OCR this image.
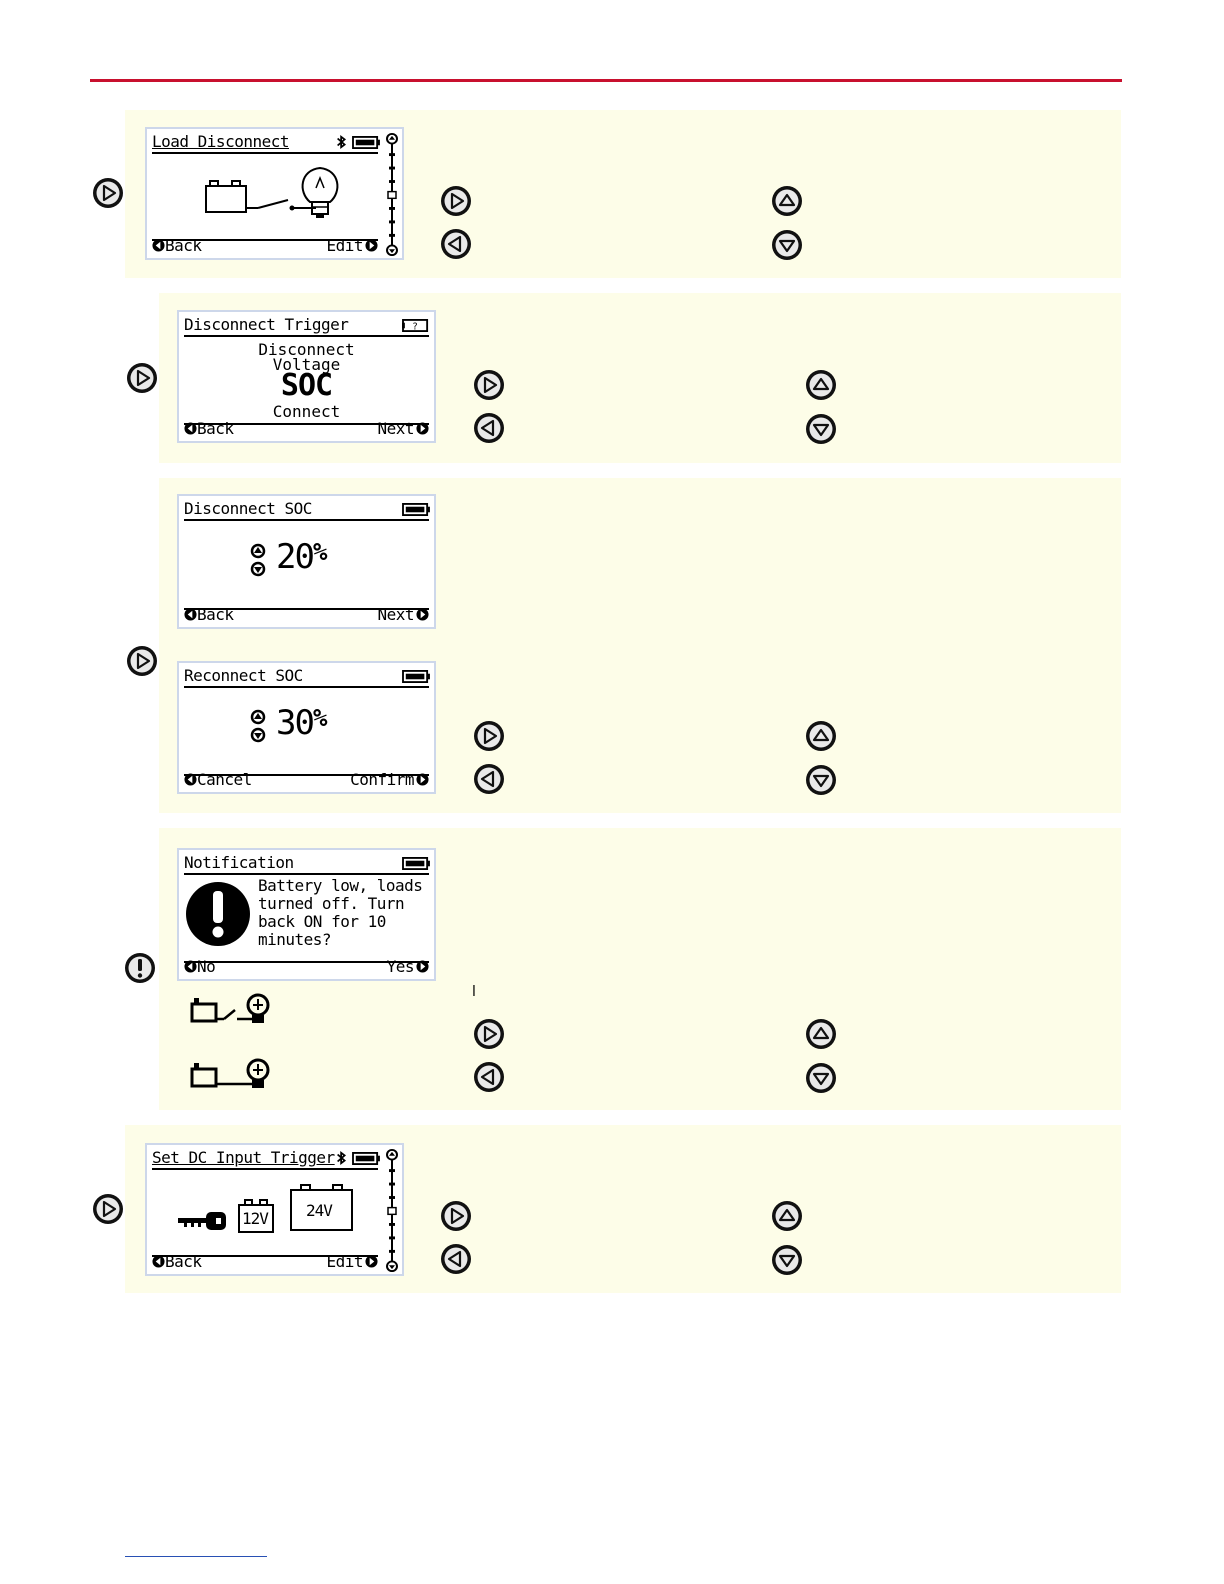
Load Disconnect
Back	Edit
Disconnect Trigger
Disconnect
Voltage
SOC
Connect
Back	Next
Disconnect SOC
20%
Back	Next
Reconnect SOC
30%
Cancel	Confirm
Notification
Battery low, loads
turned off. Turn
back ON for 10
minutes?
No	Yes
l
Set DC Input Trigger
12V 24V
Back	Edit
